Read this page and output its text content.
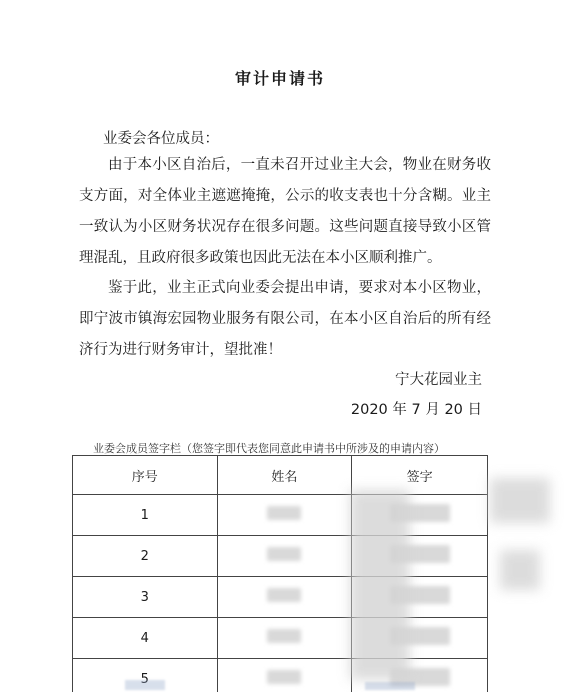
审计申请书
业委会各位成员：

由于本小区自治后，一直未召开过业主大会，物业在财务收支方面，对全体业主遮遮掩掩，公示的收支表也十分含糊。业主一致认为小区财务状况存在很多问题。这些问题直接导致小区管理混乱，且政府很多政策也因此无法在本小区顺利推广。

鉴于此，业主正式向业委会提出申请，要求对本小区物业，即宁波市镇海宏园物业服务有限公司，在本小区自治后的所有经济行为进行财务审计，望批准！

宁大花园业主
2020 年 7 月 20 日
业委会成员签字栏（您签字即代表您同意此申请书中所涉及的申请内容）
序号	姓名	签字
1		
2		
3		
4		
5		
